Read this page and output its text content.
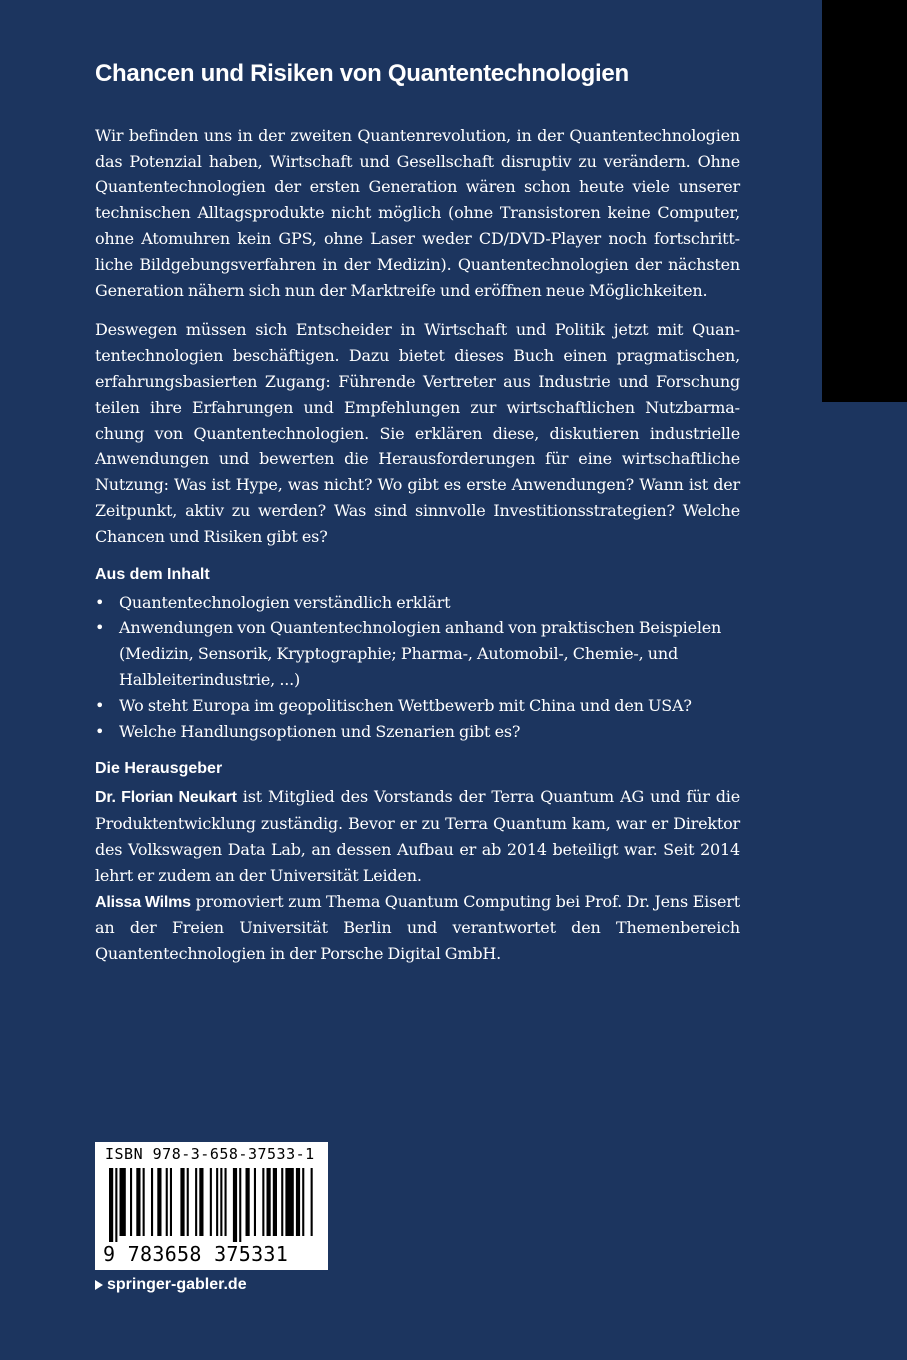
Chancen und Risiken von Quantentechnologien

Wir befinden uns in der zweiten Quantenrevolution, in der Quantentechnologien das Potenzial haben, Wirtschaft und Gesellschaft disruptiv zu verändern. Ohne Quantentechnologien der ersten Generation wären schon heute viele unserer technischen Alltagsprodukte nicht möglich (ohne Transistoren keine Computer, ohne Atomuhren kein GPS, ohne Laser weder CD/DVD-Player noch fortschrittliche Bildgebungsverfahren in der Medizin). Quantentechnologien der nächsten Generation nähern sich nun der Marktreife und eröffnen neue Möglichkeiten.

Deswegen müssen sich Entscheider in Wirtschaft und Politik jetzt mit Quantentechnologien beschäftigen. Dazu bietet dieses Buch einen pragmatischen, erfahrungsbasierten Zugang: Führende Vertreter aus Industrie und Forschung teilen ihre Erfahrungen und Empfehlungen zur wirtschaftlichen Nutzbarmachung von Quantentechnologien. Sie erklären diese, diskutieren industrielle Anwendungen und bewerten die Herausforderungen für eine wirtschaftliche Nutzung: Was ist Hype, was nicht? Wo gibt es erste Anwendungen? Wann ist der Zeitpunkt, aktiv zu werden? Was sind sinnvolle Investitionsstrategien? Welche Chancen und Risiken gibt es?

Aus dem Inhalt
• Quantentechnologien verständlich erklärt
• Anwendungen von Quantentechnologien anhand von praktischen Beispielen (Medizin, Sensorik, Kryptographie; Pharma-, Automobil-, Chemie-, und Halbleiterindustrie, ...)
• Wo steht Europa im geopolitischen Wettbewerb mit China und den USA?
• Welche Handlungsoptionen und Szenarien gibt es?
Die Herausgeber

Dr. Florian Neukart ist Mitglied des Vorstands der Terra Quantum AG und für die Produktentwicklung zuständig. Bevor er zu Terra Quantum kam, war er Direktor des Volkswagen Data Lab, an dessen Aufbau er ab 2014 beteiligt war. Seit 2014 lehrt er zudem an der Universität Leiden.

Alissa Wilms promoviert zum Thema Quantum Computing bei Prof. Dr. Jens Eisert an der Freien Universität Berlin und verantwortet den Themenbereich Quantentechnologien in der Porsche Digital GmbH.

ISBN 978-3-658-37533-1
9 783658 375331
springer-gabler.de
